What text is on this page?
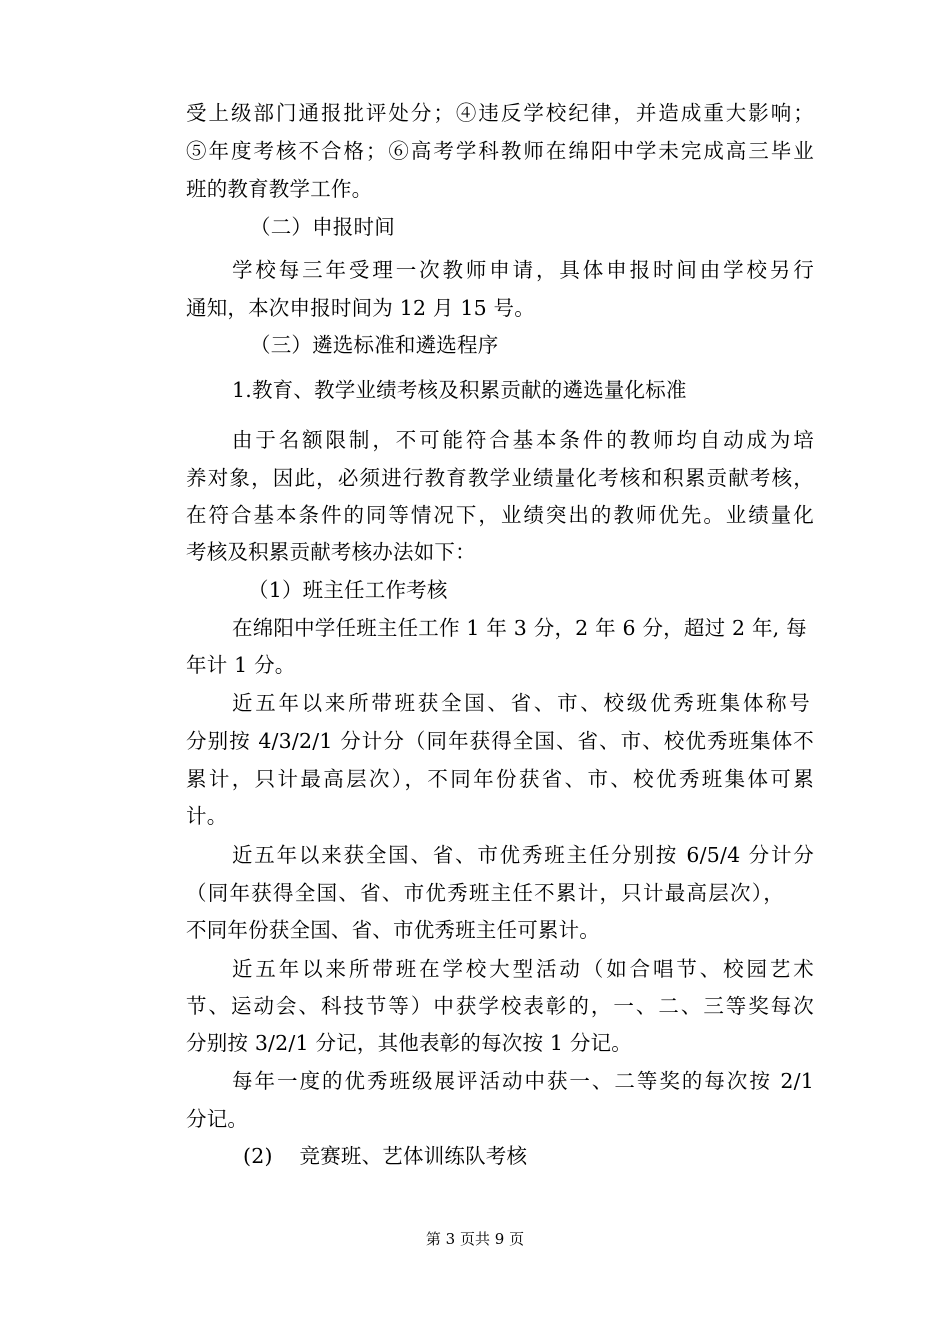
受上级部门通报批评处分；④违反学校纪律，并造成重大影响；
⑤年度考核不合格；⑥高考学科教师在绵阳中学未完成高三毕业
班的教育教学工作。
（二）申报时间
学校每三年受理一次教师申请，具体申报时间由学校另行
通知，本次申报时间为 12 月 15 号。
（三）遴选标准和遴选程序
1.教育、教学业绩考核及积累贡献的遴选量化标准
由于名额限制，不可能符合基本条件的教师均自动成为培
养对象，因此，必须进行教育教学业绩量化考核和积累贡献考核，
在符合基本条件的同等情况下，业绩突出的教师优先。业绩量化
考核及积累贡献考核办法如下：
（1）班主任工作考核
在绵阳中学任班主任工作 1 年 3 分，2 年 6 分，超过 2 年, 每
年计 1 分。
近五年以来所带班获全国、省、市、校级优秀班集体称号
分别按 4/3/2/1 分计分（同年获得全国、省、市、校优秀班集体不
累计，只计最高层次），不同年份获省、市、校优秀班集体可累
计。
近五年以来获全国、省、市优秀班主任分别按 6/5/4 分计分
（同年获得全国、省、市优秀班主任不累计，只计最高层次），
不同年份获全国、省、市优秀班主任可累计。
近五年以来所带班在学校大型活动（如合唱节、校园艺术
节、运动会、科技节等）中获学校表彰的，一、二、三等奖每次
分别按 3/2/1 分记，其他表彰的每次按 1 分记。
每年一度的优秀班级展评活动中获一、二等奖的每次按 2/1
分记。
(2)    竞赛班、艺体训练队考核
第 3 页共 9 页
